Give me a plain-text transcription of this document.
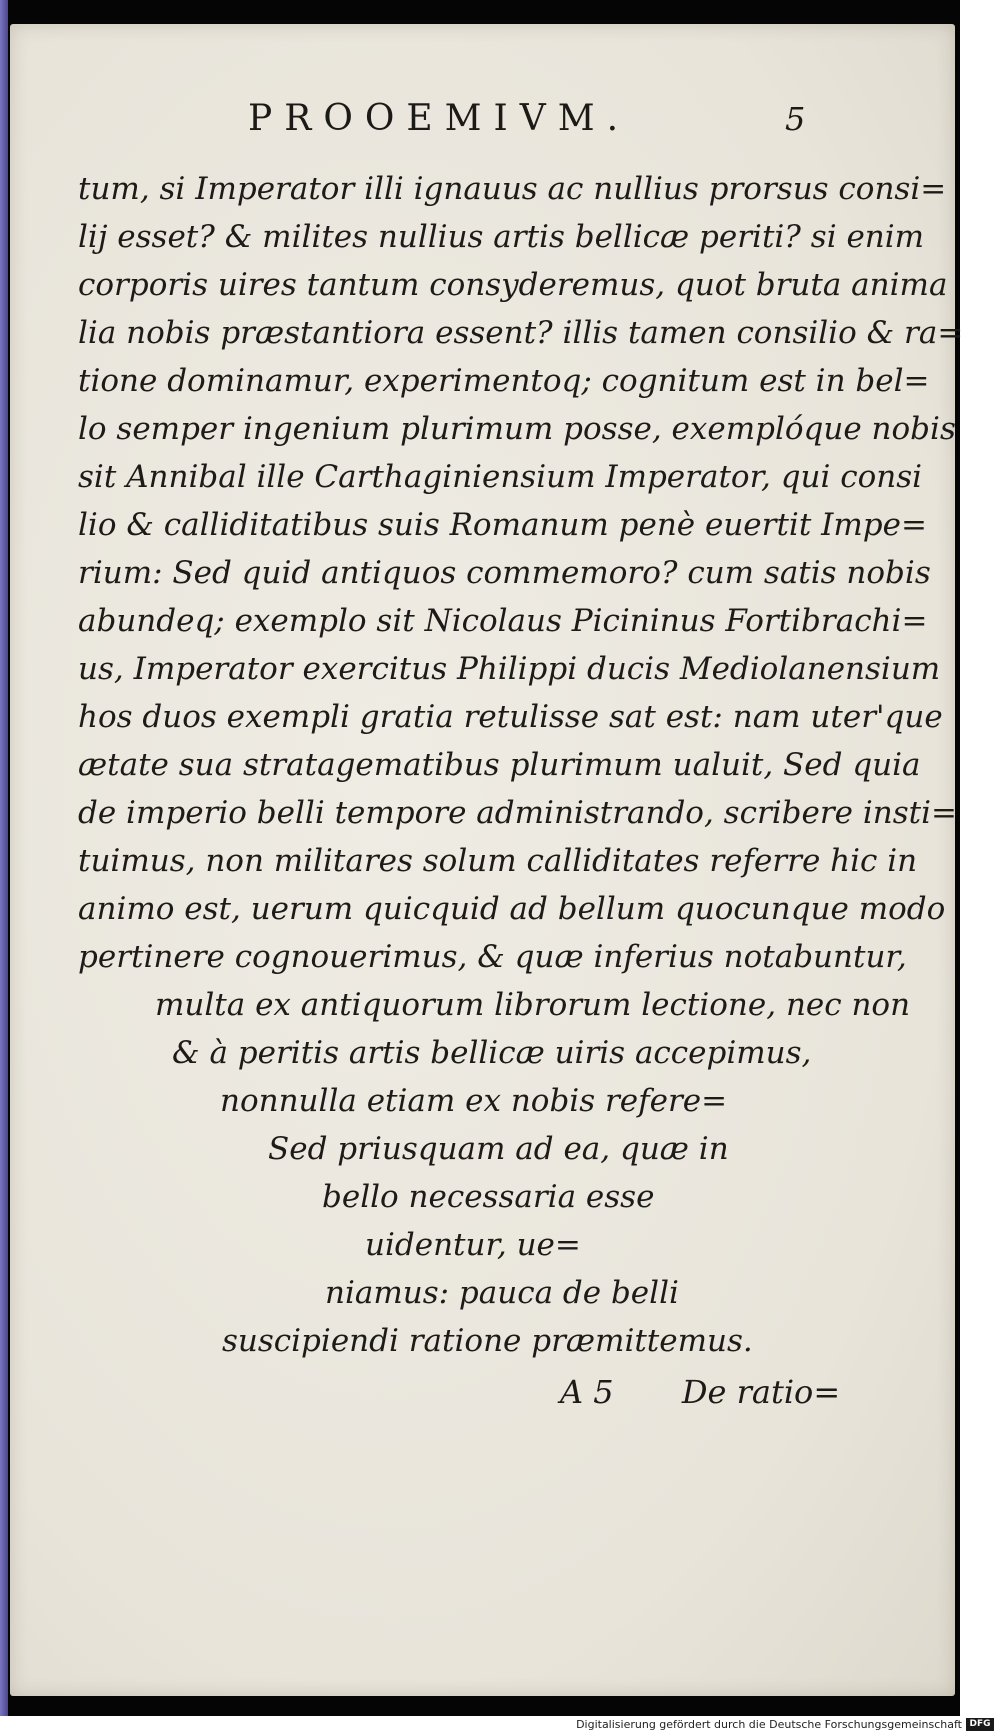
PROOEMIVM.	5
tum, si Imperator illi ignauus ac nullius prorsus consi=
lij esset? & milites nullius artis bellicæ periti? si enim
corporis uires tantum consyderemus, quot bruta anima
lia nobis præstantiora essent? illis tamen consilio & ra=
tione dominamur, experimentoq; cognitum est in bel=
lo semper ingenium plurimum posse, exemplóque nobis
sit Annibal ille Carthaginiensium Imperator, qui consi
lio & calliditatibus suis Romanum penè euertit Impe=
rium: Sed quid antiquos commemoro? cum satis nobis
abundeq; exemplo sit Nicolaus Picininus Fortibrachi=
us, Imperator exercitus Philippi ducis Mediolanensium
hos duos exempli gratia retulisse sat est: nam uter'que
ætate sua stratagematibus plurimum ualuit, Sed quia
de imperio belli tempore administrando, scribere insti=
tuimus, non militares solum calliditates referre hic in
animo est, uerum quicquid ad bellum quocunque modo
pertinere cognouerimus, & quæ inferius notabuntur,
multa ex antiquorum librorum lectione, nec non
& à peritis artis bellicæ uiris accepimus,
nonnulla etiam ex nobis refere=
Sed priusquam ad ea, quæ in
bello necessaria esse
uidentur, ue=
niamus: pauca de belli
suscipiendi ratione præmittemus.
A 5 De ratio=
Digitalisierung gefördert durch die Deutsche Forschungsgemeinschaft DFG
